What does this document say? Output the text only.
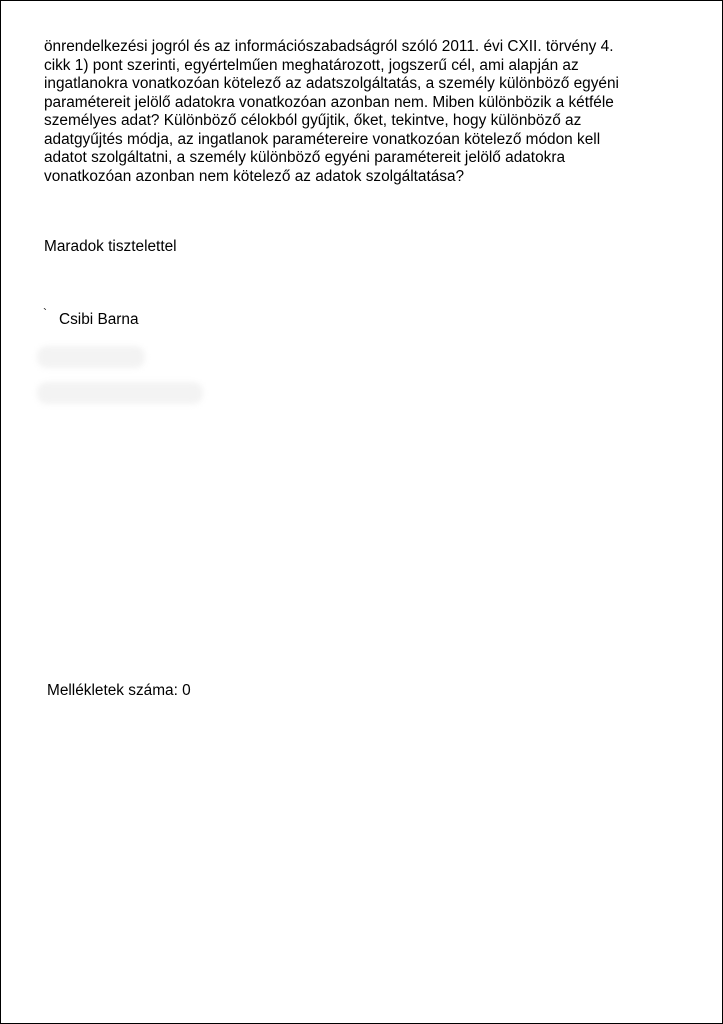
önrendelkezési jogról és az információszabadságról szóló 2011. évi CXII. törvény 4.
cikk 1) pont szerinti, egyértelműen meghatározott, jogszerű cél, ami alapján az
ingatlanokra vonatkozóan kötelező az adatszolgáltatás, a személy különböző egyéni
paramétereit jelölő adatokra vonatkozóan azonban nem. Miben különbözik a kétféle
személyes adat? Különböző célokból gyűjtik, őket, tekintve, hogy különböző az
adatgyűjtés módja, az ingatlanok paramétereire vonatkozóan kötelező módon kell
adatot szolgáltatni, a személy különböző egyéni paramétereit jelölő adatokra
vonatkozóan azonban nem kötelező az adatok szolgáltatása?

Maradok tisztelettel

` Csibi Barna

Mellékletek száma: 0
